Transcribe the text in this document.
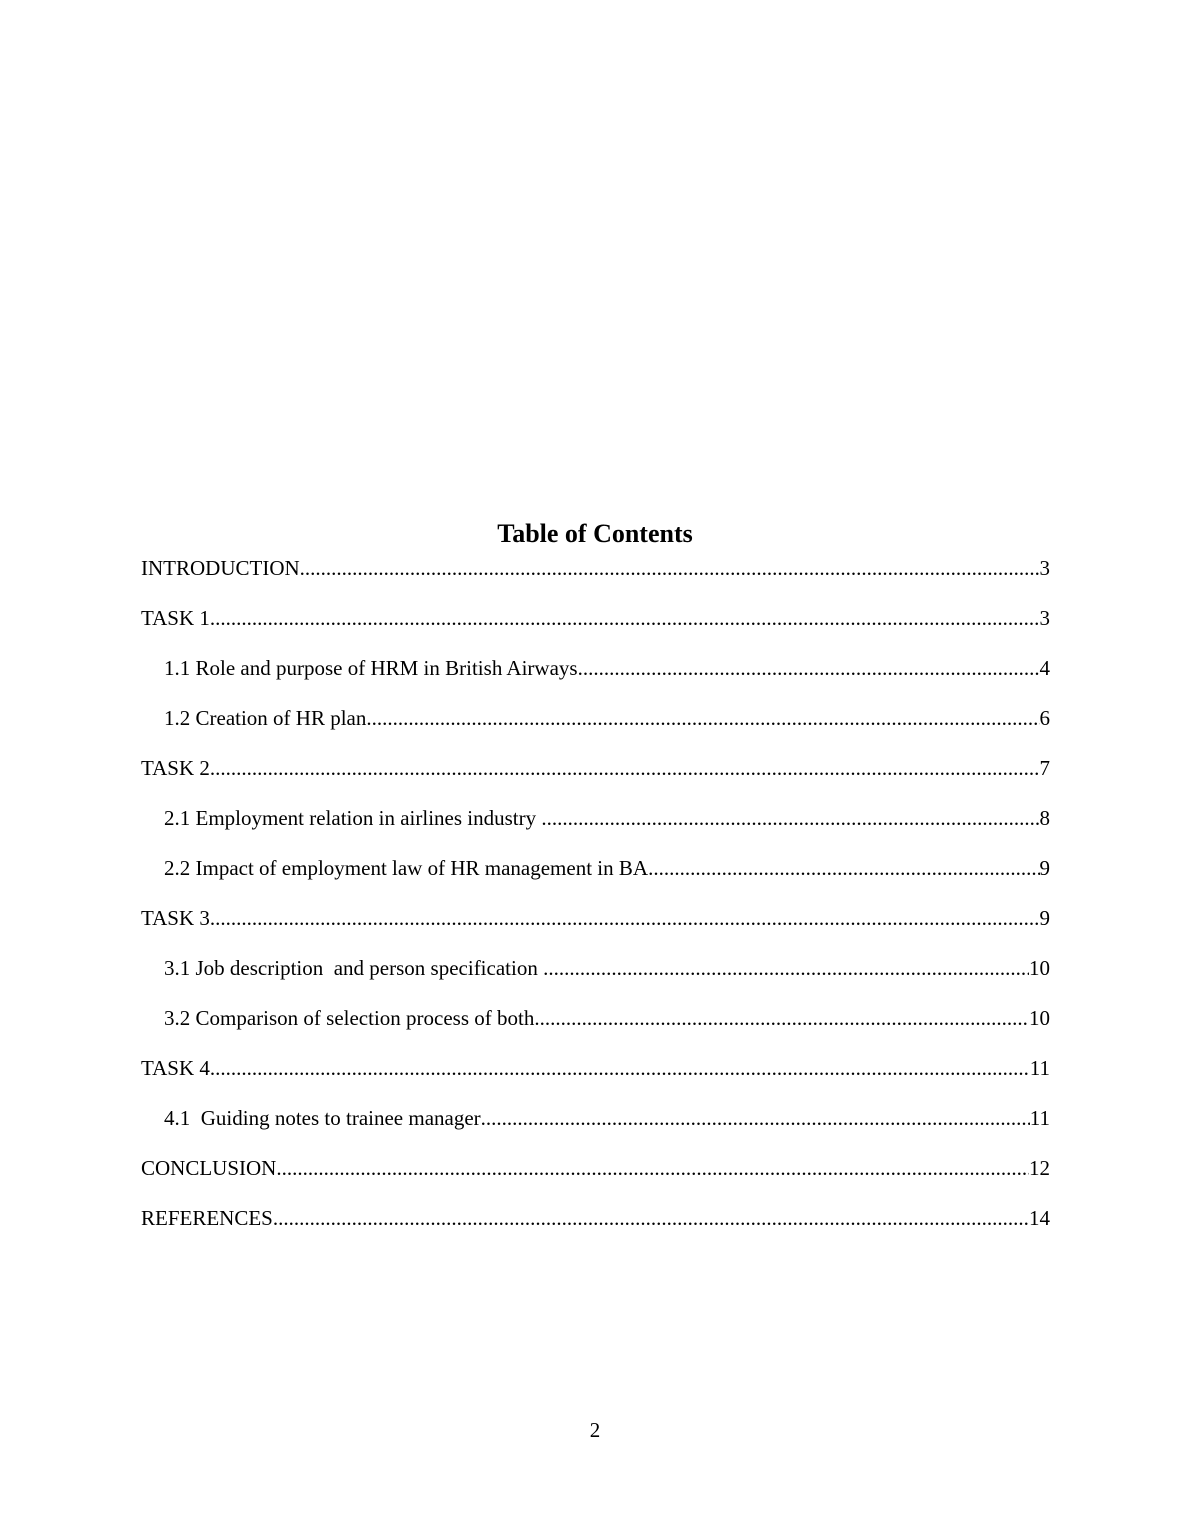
Table of Contents
INTRODUCTION .....	3
TASK 1 .....	3
1.1 Role and purpose of HRM in British Airways .....	4
1.2 Creation of HR plan .....	6
TASK 2 .....	7
2.1 Employment relation in airlines industry .....	8
2.2 Impact of employment law of HR management in BA .....	9
TASK 3 .....	9
3.1 Job description  and person specification .....	10
3.2 Comparison of selection process of both .....	10
TASK 4 .....	11
4.1  Guiding notes to trainee manager .....	11
CONCLUSION .....	12
REFERENCES .....	14
2
